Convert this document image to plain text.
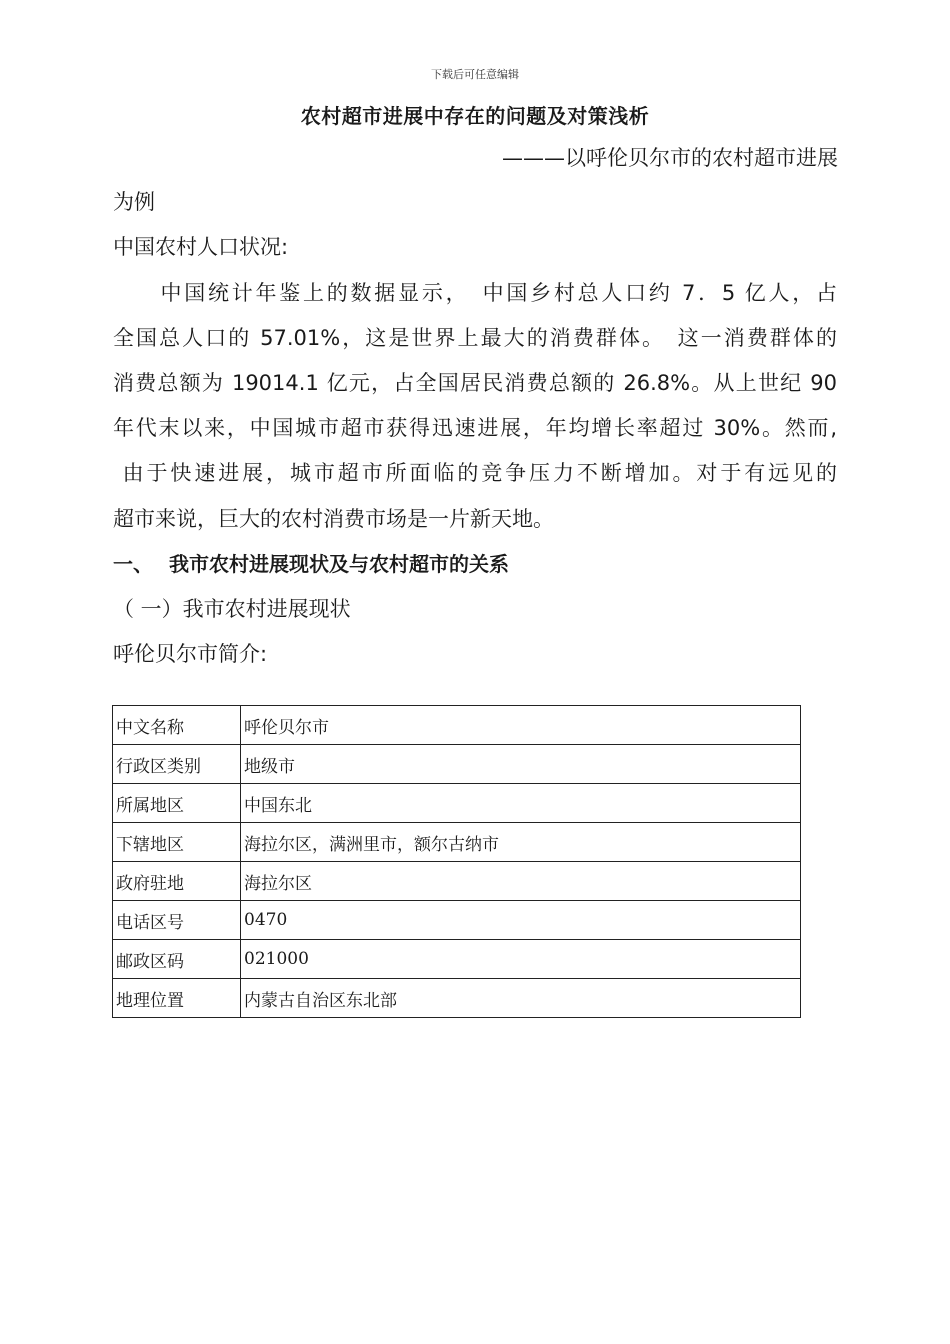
下载后可任意编辑
农村超市进展中存在的问题及对策浅析
———以呼伦贝尔市的农村超市进展
为例
中国农村人口状况:
　　中国统计年鉴上的数据显示，　中国乡村总人口约 7．5 亿人，占
全国总人口的 57.01%，这是世界上最大的消费群体。　这一消费群体的
消费总额为 19014.1 亿元，占全国居民消费总额的 26.8%。从上世纪 90
年代末以来，中国城市超市获得迅速进展，年均增长率超过 30%。然而,
由于快速进展，城市超市所面临的竞争压力不断增加。对于有远见的
超市来说，巨大的农村消费市场是一片新天地。
一、 我市农村进展现状及与农村超市的关系
（ 一）我市农村进展现状
呼伦贝尔市简介:
中文名称	呼伦贝尔市
行政区类别	地级市
所属地区	中国东北
下辖地区	海拉尔区，满洲里市，额尔古纳市
政府驻地	海拉尔区
电话区号	0470
邮政区码	021000
地理位置	内蒙古自治区东北部
